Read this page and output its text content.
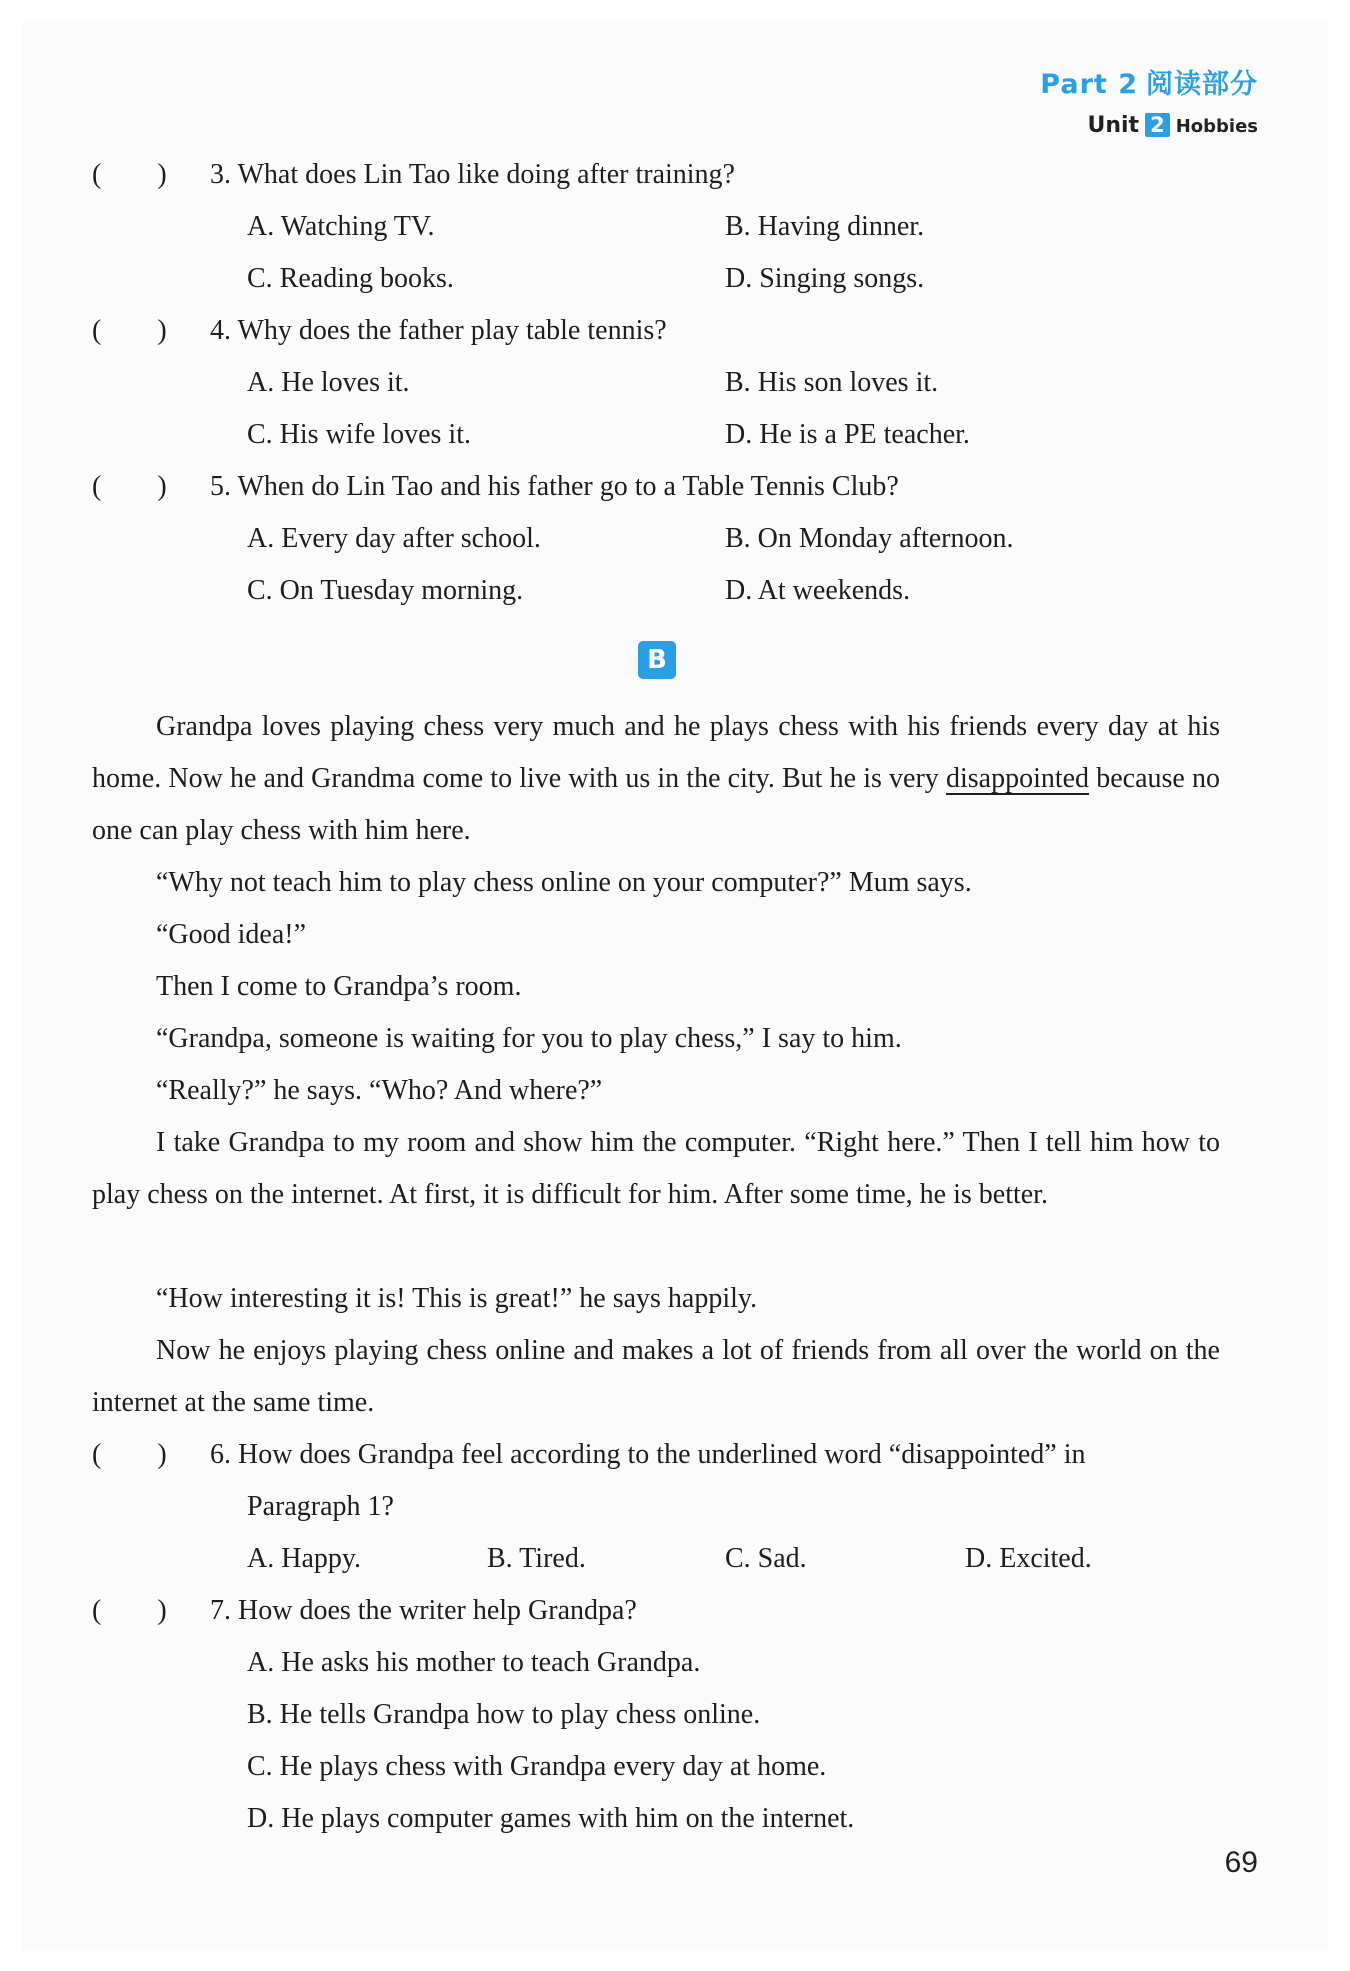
Part 2 阅读部分
Unit 2 Hobbies
(　　) 3. What does Lin Tao like doing after training?
A. Watching TV.	B. Having dinner.
C. Reading books.	D. Singing songs.
(　　) 4. Why does the father play table tennis?
A. He loves it.	B. His son loves it.
C. His wife loves it.	D. He is a PE teacher.
(　　) 5. When do Lin Tao and his father go to a Table Tennis Club?
A. Every day after school.	B. On Monday afternoon.
C. On Tuesday morning.	D. At weekends.
B
Grandpa loves playing chess very much and he plays chess with his friends every day at his home. Now he and Grandma come to live with us in the city. But he is very disappointed because no one can play chess with him here.
“Why not teach him to play chess online on your computer?” Mum says.
“Good idea!”
Then I come to Grandpa’s room.
“Grandpa, someone is waiting for you to play chess,” I say to him.
“Really?” he says. “Who? And where?”
I take Grandpa to my room and show him the computer. “Right here.” Then I tell him how to play chess on the internet. At first, it is difficult for him. After some time, he is better.
“How interesting it is! This is great!” he says happily.
Now he enjoys playing chess online and makes a lot of friends from all over the world on the internet at the same time.
(　　) 6. How does Grandpa feel according to the underlined word “disappointed” in
Paragraph 1?
A. Happy.	B. Tired.	C. Sad.	D. Excited.
(　　) 7. How does the writer help Grandpa?
A. He asks his mother to teach Grandpa.
B. He tells Grandpa how to play chess online.
C. He plays chess with Grandpa every day at home.
D. He plays computer games with him on the internet.
69
